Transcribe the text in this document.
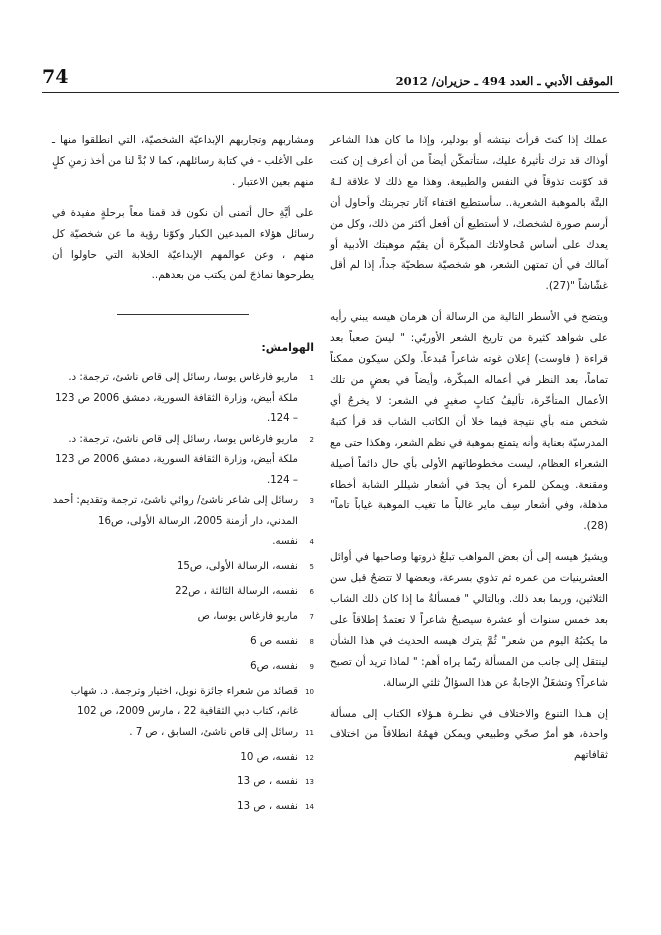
74	الموقف الأدبي ـ العدد 494 ـ حزيران/ 2012

عملك إذا كنتَ قرأتَ نيتشه أو بودلير، وإذا ما كان هذا الشاعر أوذاك قد ترك تأثيرهُ عليك، ستأتمكّن أيضاً من أن أعرف إن كنت قد كوّنت تذوقاً في النفس والطبيعة. وهذا مع ذلك لا علاقة لـهُ البتَّة بالموهبة الشعرية.. سأستطيع اقتفاء آثار تجربتك وأحاول أن أرسم صورة لشخصك، لا أستطيع أن أفعل أكثر من ذلك، وكل من يعدك على أساس مُحاولاتك المبكّرة أن يقيّم موهبتك الأدبية أو آمالك في أن تمتهن الشعر، هو شخصيّة سطحيّة جداً، إذا لم أقل غشّاشاً "(27).

ويتضح في الأسطر التالية من الرسالة أن هرمان هيسه يبني رأيه على شواهد كثيرة من تاريخ الشعر الأوربّي: " ليسَ صعباً بعد قراءة ( فاوست) إعلان غوته شاعراً مُبدعاً. ولكن سيكون ممكناً تماماً، بعد النظر في أعماله المبكّرة، وأيضاً في بعضٍ من تلك الأعمال المتأخّرة، تأليفُ كتابٍ صغيرٍ في الشعر: لا يخرجُ أي شخص منه بأي نتيجة فيما خلا أن الكاتب الشاب قد قرأ كتبهُ المدرسيّة بعناية وأنه يتمتع بموهبة في نظم الشعر، وهكذا حتى مع الشعراء العظام، ليست مخطوطاتهم الأولى بأي حال دائماً أصيلة ومقنعة. ويمكن للمرء أن يجدَ في أشعار شيللر الشابة أخطاء مذهلة، وفي أشعار سِف ماير غالباً ما تغيب الموهبة غياباً تاماً" (28).

ويشيرُ هيسه إلى أن بعض المواهب تبلغُ ذروتها وصاحبها في أوائل العشرينيات من عمره ثم تذوي بسرعة، وبعضها لا تتضحُ قبل سن الثلاثين، وربما بعد ذلك. وبالتالي " فمسألةُ ما إذا كان ذلك الشاب بعد خمس سنوات أو عشرة سيصبحُ شاعراً لا تعتمدُ إطلاقاً على ما يكتبُهُ اليوم من شعر" ثُمَّ يترك هيسه الحديث في هذا الشأن لينتقل إلى جانب من المسألة ربّما يراه أهم: " لماذا تريد أن تصبح شاعراً؟ وتشغَلُ الإجابةُ عن هذا السؤالُ ثلثي الرسالة.

إن هـذا التنوع والاختلاف في نظـرة هـؤلاء الكتاب إلى مسألة واحدة، هو أمرٌ صحّي وطبيعي ويمكن فهمُهُ انطلاقاً من اختلاف ثقافاتهم

ومشاربهم وتجاربهم الإبداعيّة الشخصيّة، التي انطلقوا منها ـ على الأغلب - في كتابة رسائلهم، كما لا بُدَّ لنا من أخذ زمنِ كلٍ منهم بعين الاعتبار .

على أيَّةِ حال أتمنى أن نكون قد قمنا معاً برحلةٍ مفيدة في رسائل هؤلاء المبدعين الكبار وكوّنا رؤية ما عن شخصيّة كل منهم ، وعن عوالمهم الإبداعيّة الخلابة التي حاولوا أن يطرحوها نماذجَ لمن يكتب من بعدهم..

الهوامش:
$^1$
ماريو فارغاس يوسا، رسائل إلى قاص ناشئ، ترجمة: د. ملكة أبيض، وزارة الثقافة السورية، دمشق 2006 ص 123 – 124.
$^2$
ماريو فارغاس يوسا، رسائل إلى قاص ناشئ، ترجمة: د. ملكة أبيض، وزارة الثقافة السورية، دمشق 2006 ص 123 – 124.
$^3$
رسائل إلى شاعر ناشئ/ روائي ناشئ، ترجمة وتقديم: أحمد المدني، دار أزمنة 2005، الرسالة الأولى، ص16
$^4$
نفسه.
$^5$
نفسه، الرسالة الأولى، ص15
$^6$
نفسه، الرسالة الثالثة ، ص22
$^7$
ماريو فارغاس يوسا، ص
$^8$
نفسه ص 6
$^9$
نفسه، ص6
$^{10}$
قصائد من شعراء جائزة نوبل، اختيار وترجمة. د. شهاب غانم، كتاب دبي الثقافية 22 ، مارس 2009، ص 102
$^{11}$
رسائل إلى قاص ناشئ، السابق ، ص 7 .
$^{12}$
نفسه، ص 10
$^{13}$
نفسه ، ص 13
$^{14}$
نفسه ، ص 13
